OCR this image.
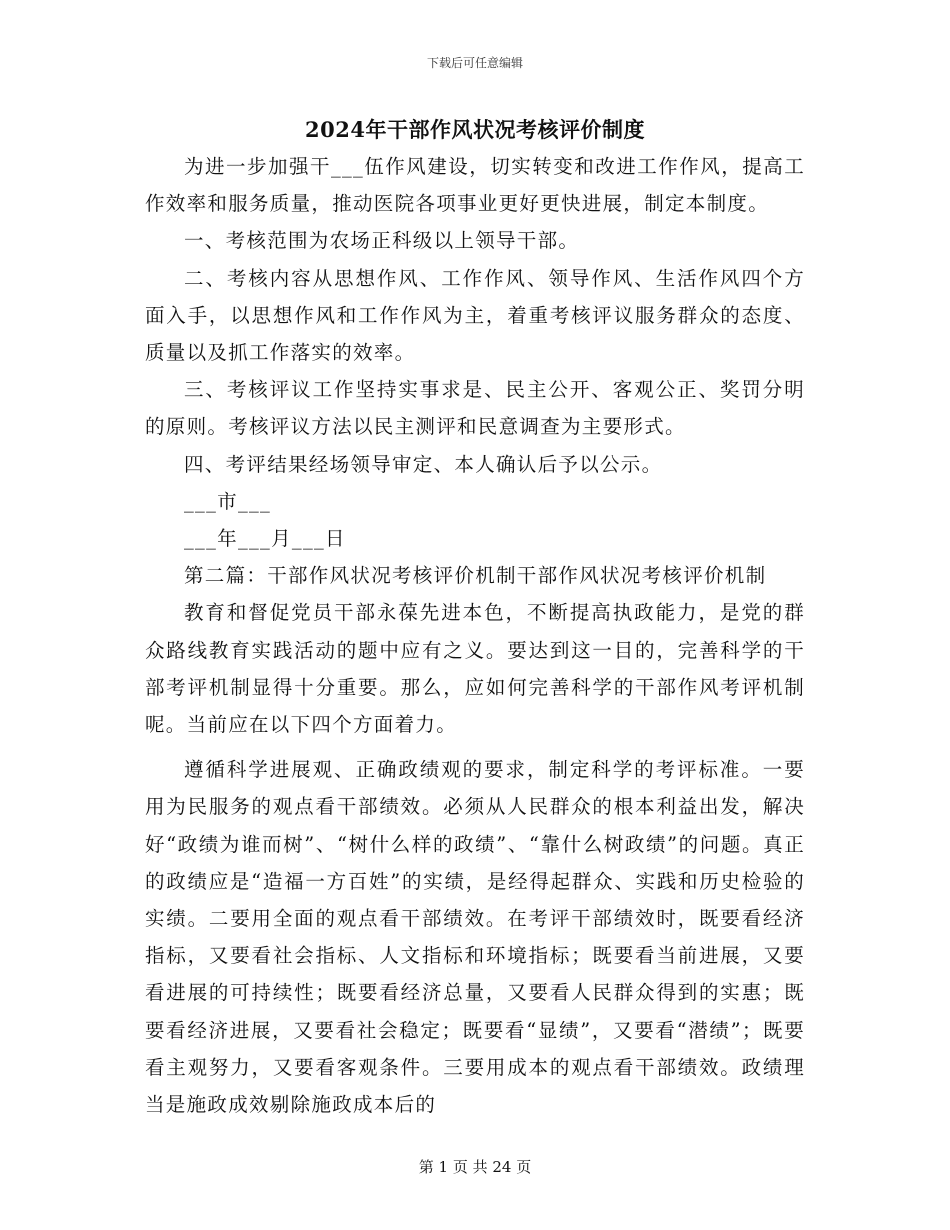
下载后可任意编辑
2024年干部作风状况考核评价制度

为进一步加强干___伍作风建设，切实转变和改进工作作风，提高工作效率和服务质量，推动医院各项事业更好更快进展，制定本制度。

一、考核范围为农场正科级以上领导干部。

二、考核内容从思想作风、工作作风、领导作风、生活作风四个方面入手，以思想作风和工作作风为主，着重考核评议服务群众的态度、质量以及抓工作落实的效率。

三、考核评议工作坚持实事求是、民主公开、客观公正、奖罚分明的原则。考核评议方法以民主测评和民意调查为主要形式。

四、考评结果经场领导审定、本人确认后予以公示。

___市___

___年___月___日

第二篇：干部作风状况考核评价机制干部作风状况考核评价机制

教育和督促党员干部永葆先进本色，不断提高执政能力，是党的群众路线教育实践活动的题中应有之义。要达到这一目的，完善科学的干部考评机制显得十分重要。那么，应如何完善科学的干部作风考评机制呢。当前应在以下四个方面着力。

遵循科学进展观、正确政绩观的要求，制定科学的考评标准。一要用为民服务的观点看干部绩效。必须从人民群众的根本利益出发，解决好“政绩为谁而树”、“树什么样的政绩”、“靠什么树政绩”的问题。真正的政绩应是“造福一方百姓”的实绩，是经得起群众、实践和历史检验的实绩。二要用全面的观点看干部绩效。在考评干部绩效时，既要看经济指标，又要看社会指标、人文指标和环境指标；既要看当前进展，又要看进展的可持续性；既要看经济总量，又要看人民群众得到的实惠；既要看经济进展，又要看社会稳定；既要看“显绩”，又要看“潜绩”；既要看主观努力，又要看客观条件。三要用成本的观点看干部绩效。政绩理当是施政成效剔除施政成本后的

第 1 页 共 24 页
